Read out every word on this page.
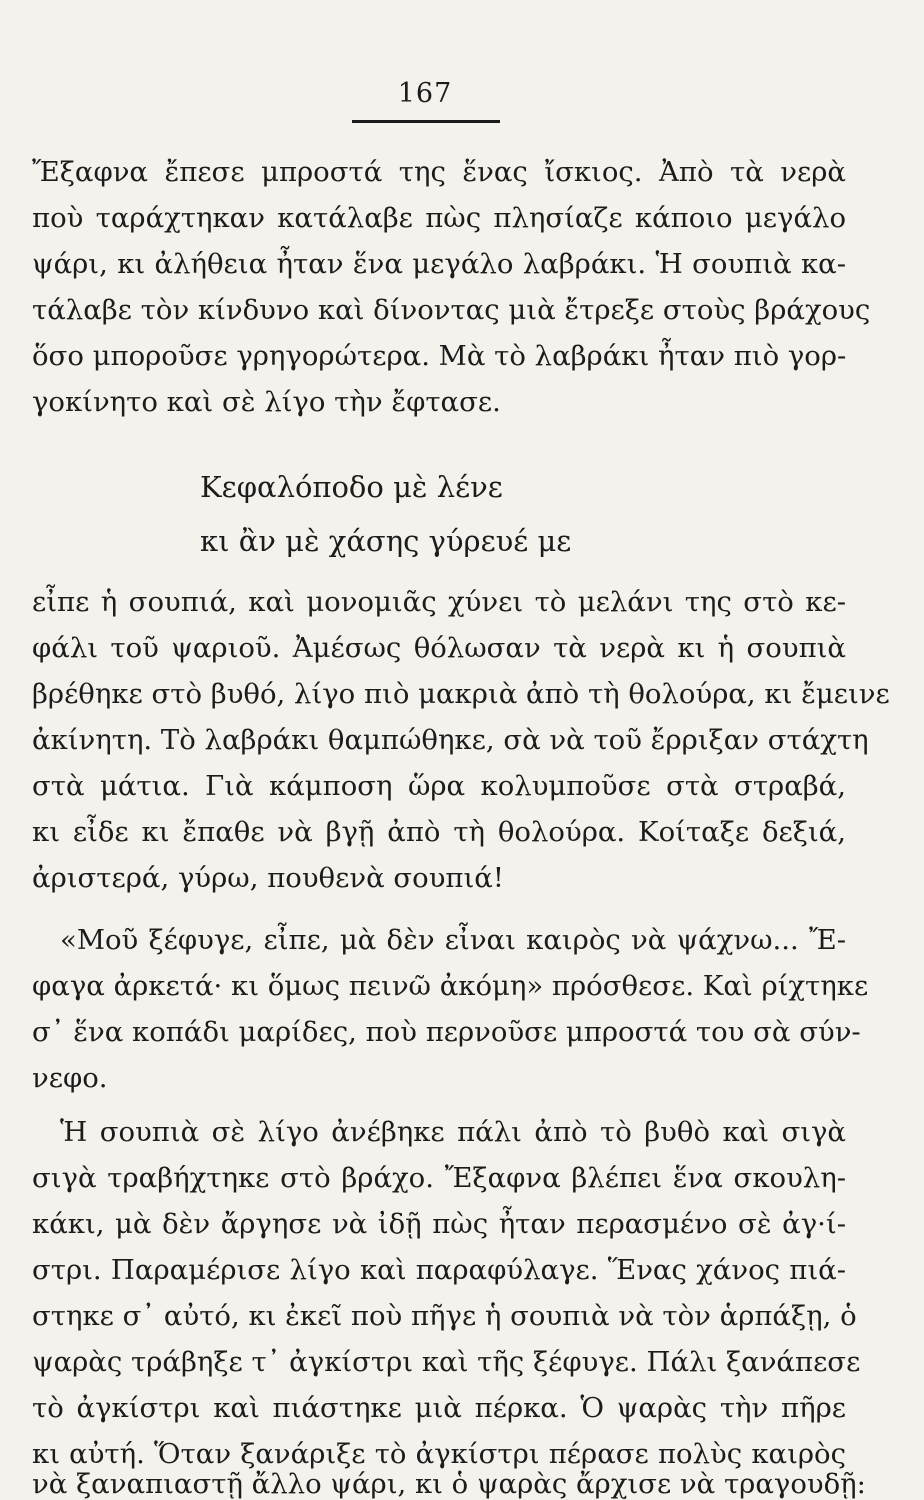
167
Ἔξαφνα ἔπεσε μπροστά της ἕνας ἴσκιος. Ἀπὸ τὰ νερὰ
ποὺ ταράχτηκαν κατάλαβε πὼς πλησίαζε κάποιο μεγάλο
ψάρι, κι ἀλήθεια ἦταν ἕνα μεγάλο λαβράκι. Ἡ σουπιὰ κα-
τάλαβε τὸν κίνδυνο καὶ δίνοντας μιὰ ἔτρεξε στοὺς βράχους
ὅσο μποροῦσε γρηγορώτερα. Μὰ τὸ λαβράκι ἦταν πιὸ γορ-
γοκίνητο καὶ σὲ λίγο τὴν ἔφτασε.
Κεφαλόποδο μὲ λένε
κι ἂν μὲ χάσης γύρευέ με
εἶπε ἡ σουπιά, καὶ μονομιᾶς χύνει τὸ μελάνι της στὸ κε-
φάλι τοῦ ψαριοῦ. Ἀμέσως θόλωσαν τὰ νερὰ κι ἡ σουπιὰ
βρέθηκε στὸ βυθό, λίγο πιὸ μακριὰ ἀπὸ τὴ θολούρα, κι ἔμεινε
ἀκίνητη. Τὸ λαβράκι θαμπώθηκε, σὰ νὰ τοῦ ἔρριξαν στάχτη
στὰ μάτια. Γιὰ κάμποση ὥρα κολυμποῦσε στὰ στραβά,
κι εἶδε κι ἔπαθε νὰ βγῇ ἀπὸ τὴ θολούρα. Κοίταξε δεξιά,
ἀριστερά, γύρω, πουθενὰ σουπιά!
«Μοῦ ξέφυγε, εἶπε, μὰ δὲν εἶναι καιρὸς νὰ ψάχνω... Ἔ-
φαγα ἀρκετά· κι ὅμως πεινῶ ἀκόμη» πρόσθεσε. Καὶ ρίχτηκε
σ᾽ ἕνα κοπάδι μαρίδες, ποὺ περνοῦσε μπροστά του σὰ σύν-
νεφο.
Ἡ σουπιὰ σὲ λίγο ἀνέβηκε πάλι ἀπὸ τὸ βυθὸ καὶ σιγὰ
σιγὰ τραβήχτηκε στὸ βράχο. Ἔξαφνα βλέπει ἕνα σκουλη-
κάκι, μὰ δὲν ἄργησε νὰ ἰδῇ πὼς ἦταν περασμένο σὲ ἀγ·ί-
στρι. Παραμέρισε λίγο καὶ παραφύλαγε. Ἕνας χάνος πιά-
στηκε σ᾽ αὐτό, κι ἐκεῖ ποὺ πῆγε ἡ σουπιὰ νὰ τὸν ἁρπάξῃ, ὁ
ψαρὰς τράβηξε τ᾽ ἀγκίστρι καὶ τῆς ξέφυγε. Πάλι ξανάπεσε
τὸ ἀγκίστρι καὶ πιάστηκε μιὰ πέρκα. Ὁ ψαρὰς τὴν πῆρε
κι αὐτή. Ὅταν ξανάριξε τὸ ἀγκίστρι πέρασε πολὺς καιρὸς
νὰ ξαναπιαστῇ ἄλλο ψάρι, κι ὁ ψαρὰς ἄρχισε νὰ τραγουδῇ:
